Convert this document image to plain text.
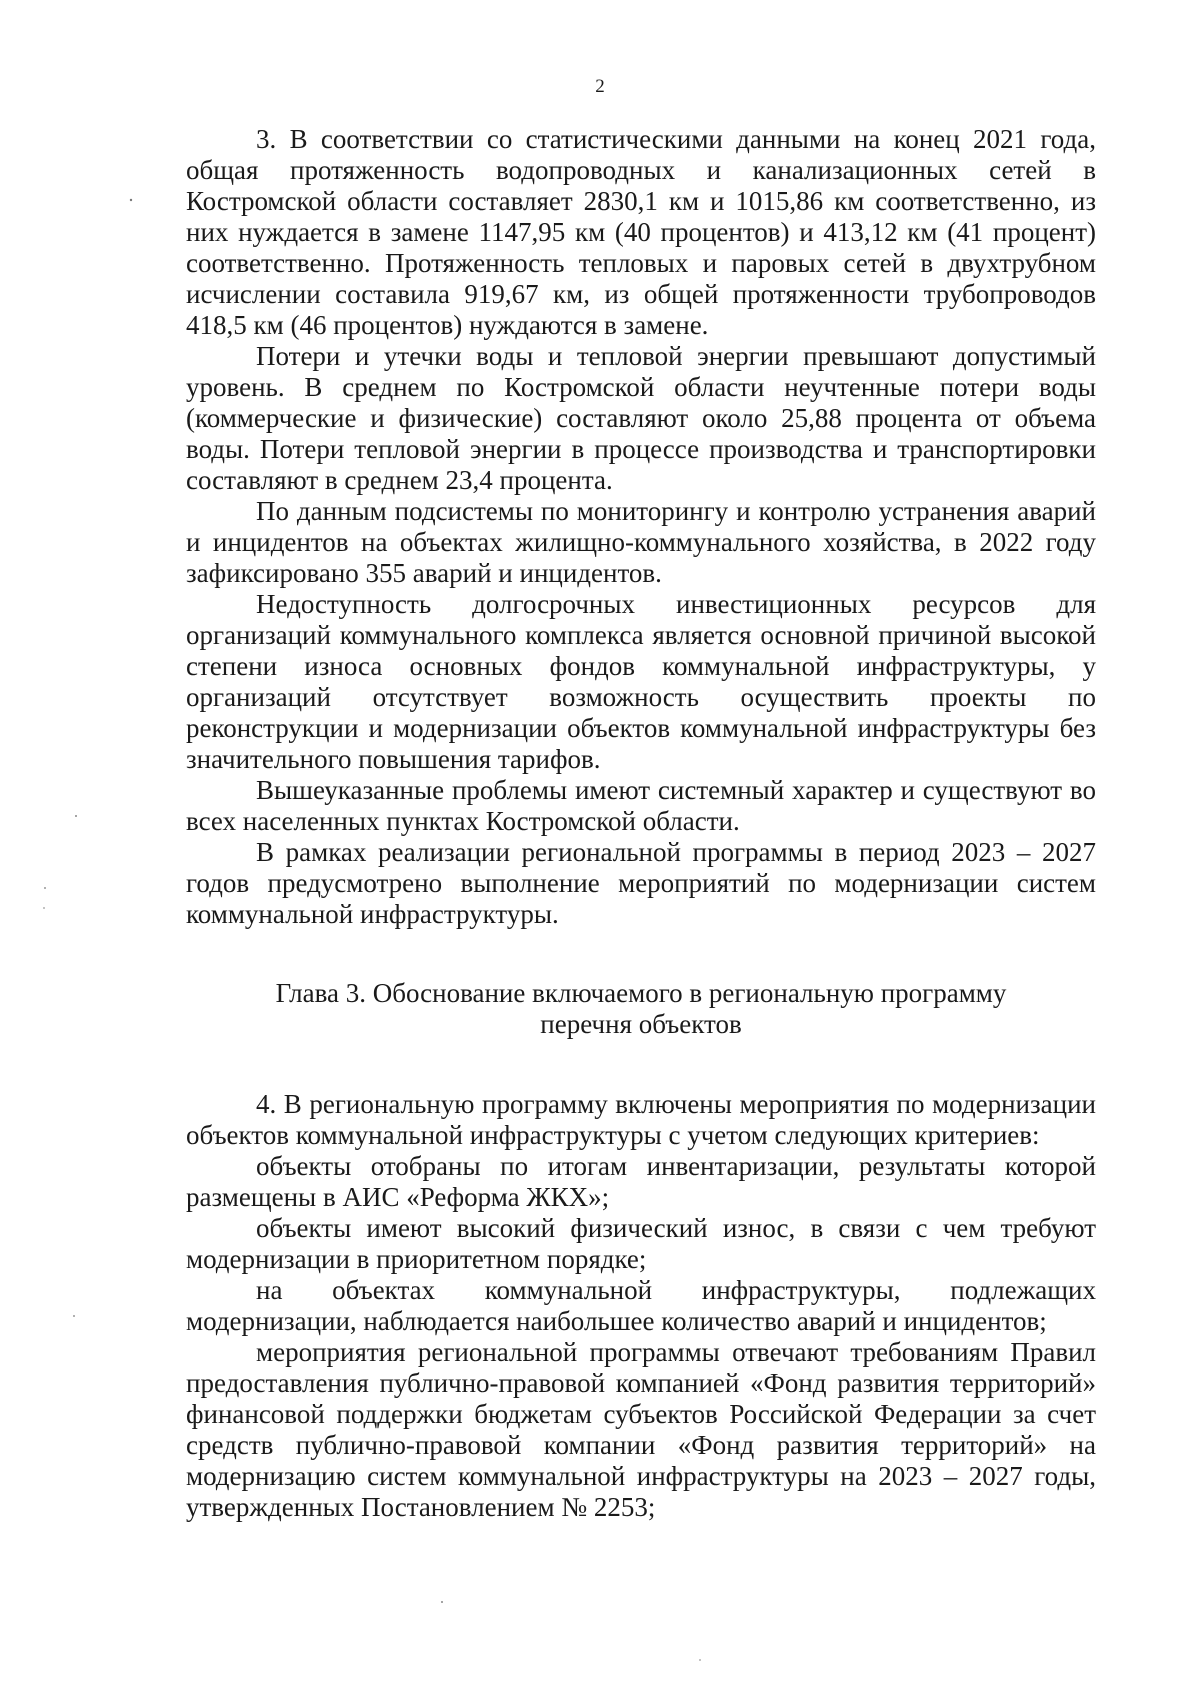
2

3. В соответствии со статистическими данными на конец 2021 года, общая протяженность водопроводных и канализационных сетей в Костромской области составляет 2830,1 км и 1015,86 км соответственно, из них нуждается в замене 1147,95 км (40 процентов) и 413,12 км (41 процент) соответственно. Протяженность тепловых и паровых сетей в двухтрубном исчислении составила 919,67 км, из общей протяженности трубопроводов 418,5 км (46 процентов) нуждаются в замене.

Потери и утечки воды и тепловой энергии превышают допустимый уровень. В среднем по Костромской области неучтенные потери воды (коммерческие и физические) составляют около 25,88 процента от объема воды. Потери тепловой энергии в процессе производства и транспортировки составляют в среднем 23,4 процента.

По данным подсистемы по мониторингу и контролю устранения аварий и инцидентов на объектах жилищно-коммунального хозяйства, в 2022 году зафиксировано 355 аварий и инцидентов.

Недоступность долгосрочных инвестиционных ресурсов для организаций коммунального комплекса является основной причиной высокой степени износа основных фондов коммунальной инфраструктуры, у организаций отсутствует возможность осуществить проекты по реконструкции и модернизации объектов коммунальной инфраструктуры без значительного повышения тарифов.

Вышеуказанные проблемы имеют системный характер и существуют во всех населенных пунктах Костромской области.

В рамках реализации региональной программы в период 2023 – 2027 годов предусмотрено выполнение мероприятий по модернизации систем коммунальной инфраструктуры.

Глава 3. Обоснование включаемого в региональную программу
перечня объектов

4. В региональную программу включены мероприятия по модернизации объектов коммунальной инфраструктуры с учетом следующих критериев:

объекты отобраны по итогам инвентаризации, результаты которой размещены в АИС «Реформа ЖКХ»;

объекты имеют высокий физический износ, в связи с чем требуют модернизации в приоритетном порядке;

на объектах коммунальной инфраструктуры, подлежащих модернизации, наблюдается наибольшее количество аварий и инцидентов;

мероприятия региональной программы отвечают требованиям Правил предоставления публично-правовой компанией «Фонд развития территорий» финансовой поддержки бюджетам субъектов Российской Федерации за счет средств публично-правовой компании «Фонд развития территорий» на модернизацию систем коммунальной инфраструктуры на 2023 – 2027 годы, утвержденных Постановлением № 2253;
